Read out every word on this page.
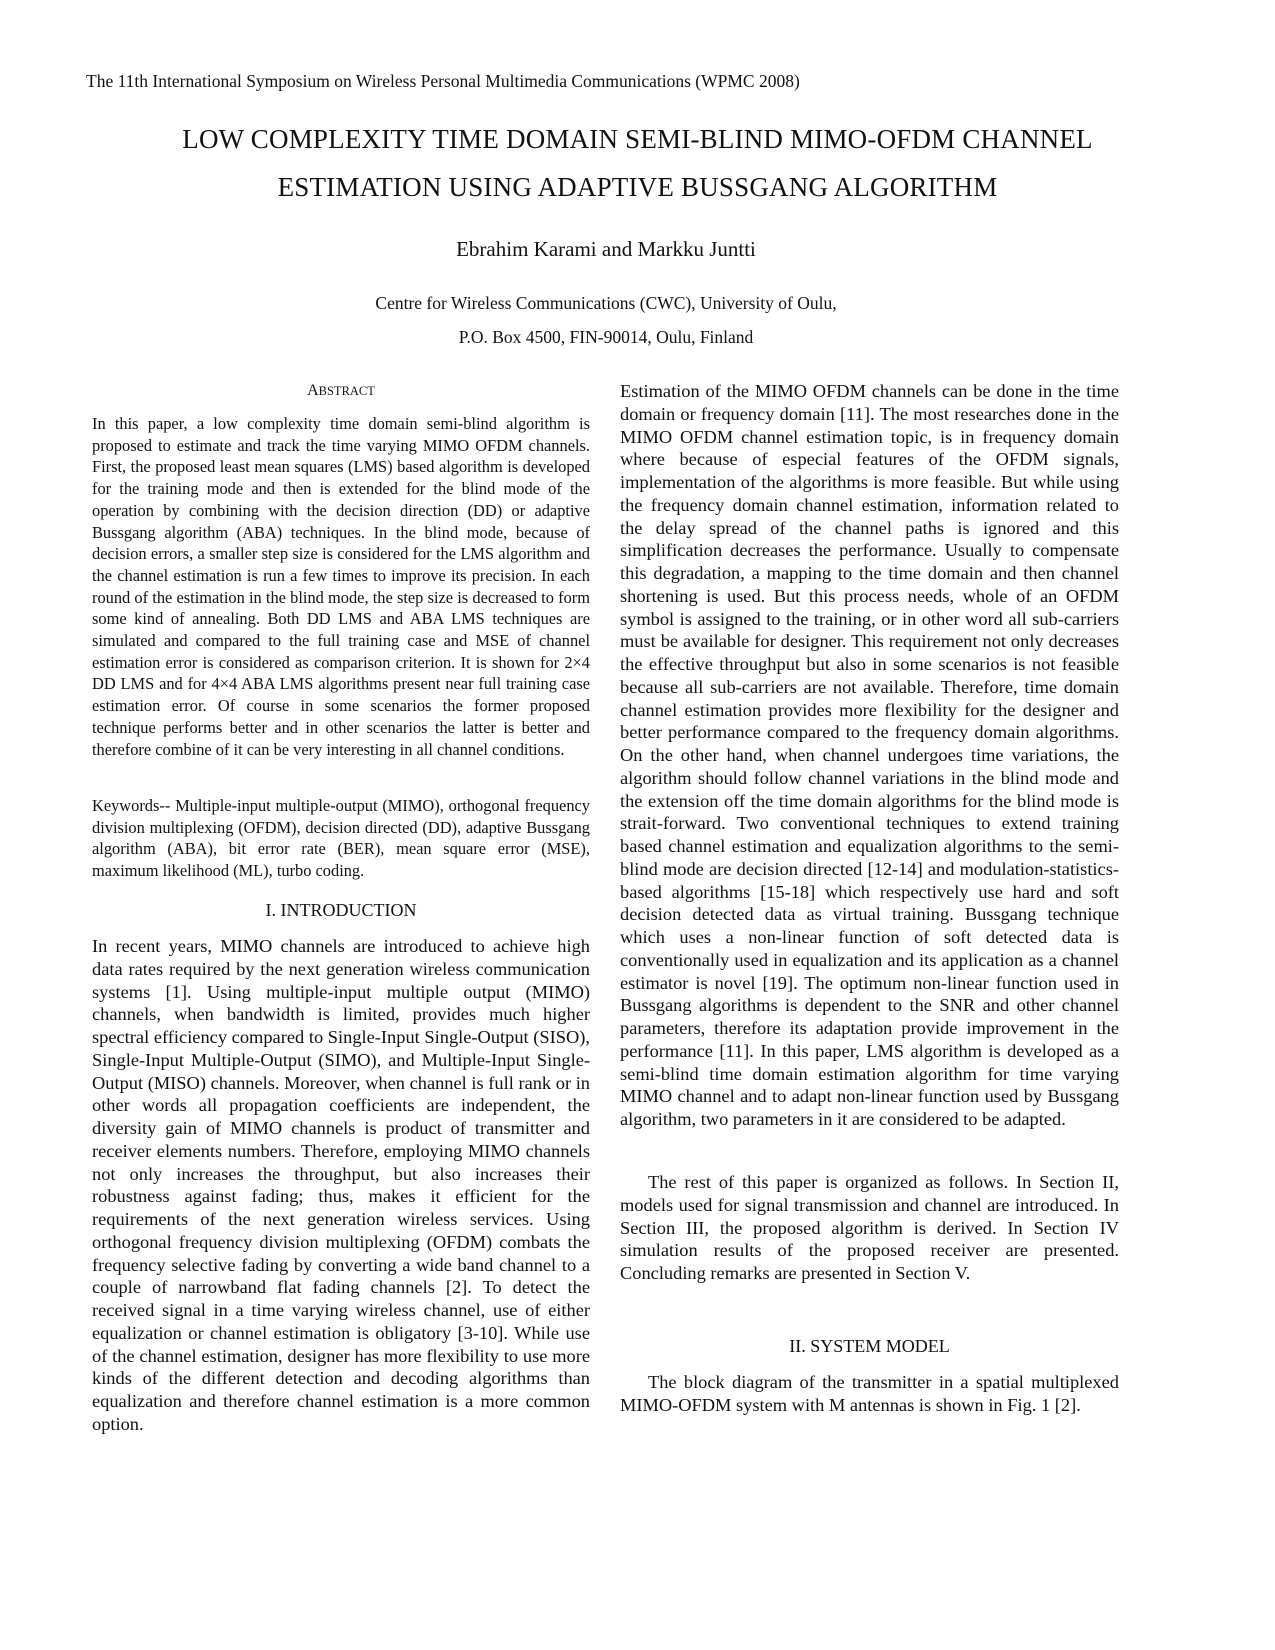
The 11th International Symposium on Wireless Personal Multimedia Communications (WPMC 2008)
LOW COMPLEXITY TIME DOMAIN SEMI-BLIND MIMO-OFDM CHANNEL
ESTIMATION USING ADAPTIVE BUSSGANG ALGORITHM
Ebrahim Karami and Markku Juntti
Centre for Wireless Communications (CWC), University of Oulu,
P.O. Box 4500, FIN-90014, Oulu, Finland
ABSTRACT

In this paper, a low complexity time domain semi-blind algorithm is proposed to estimate and track the time varying MIMO OFDM channels. First, the proposed least mean squares (LMS) based algorithm is developed for the training mode and then is extended for the blind mode of the operation by combining with the decision direction (DD) or adaptive Bussgang algorithm (ABA) techniques. In the blind mode, because of decision errors, a smaller step size is considered for the LMS algorithm and the channel estimation is run a few times to improve its precision. In each round of the estimation in the blind mode, the step size is decreased to form some kind of annealing. Both DD LMS and ABA LMS techniques are simulated and compared to the full training case and MSE of channel estimation error is considered as comparison criterion. It is shown for 2×4 DD LMS and for 4×4 ABA LMS algorithms present near full training case estimation error. Of course in some scenarios the former proposed technique performs better and in other scenarios the latter is better and therefore combine of it can be very interesting in all channel conditions.

Keywords-- Multiple-input multiple-output (MIMO), orthogonal frequency division multiplexing (OFDM), decision directed (DD), adaptive Bussgang algorithm (ABA), bit error rate (BER), mean square error (MSE), maximum likelihood (ML), turbo coding.

I. INTRODUCTION

In recent years, MIMO channels are introduced to achieve high data rates required by the next generation wireless communication systems [1]. Using multiple-input multiple output (MIMO) channels, when bandwidth is limited, provides much higher spectral efficiency compared to Single-Input Single-Output (SISO), Single-Input Multiple-Output (SIMO), and Multiple-Input Single-Output (MISO) channels. Moreover, when channel is full rank or in other words all propagation coefficients are independent, the diversity gain of MIMO channels is product of transmitter and receiver elements numbers. Therefore, employing MIMO channels not only increases the throughput, but also increases their robustness against fading; thus, makes it efficient for the requirements of the next generation wireless services. Using orthogonal frequency division multiplexing (OFDM) combats the frequency selective fading by converting a wide band channel to a couple of narrowband flat fading channels [2]. To detect the received signal in a time varying wireless channel, use of either equalization or channel estimation is obligatory [3-10]. While use of the channel estimation, designer has more flexibility to use more kinds of the different detection and decoding algorithms than equalization and therefore channel estimation is a more common option.

Estimation of the MIMO OFDM channels can be done in the time domain or frequency domain [11]. The most researches done in the MIMO OFDM channel estimation topic, is in frequency domain where because of especial features of the OFDM signals, implementation of the algorithms is more feasible. But while using the frequency domain channel estimation, information related to the delay spread of the channel paths is ignored and this simplification decreases the performance. Usually to compensate this degradation, a mapping to the time domain and then channel shortening is used. But this process needs, whole of an OFDM symbol is assigned to the training, or in other word all sub-carriers must be available for designer. This requirement not only decreases the effective throughput but also in some scenarios is not feasible because all sub-carriers are not available. Therefore, time domain channel estimation provides more flexibility for the designer and better performance compared to the frequency domain algorithms. On the other hand, when channel undergoes time variations, the algorithm should follow channel variations in the blind mode and the extension off the time domain algorithms for the blind mode is strait-forward. Two conventional techniques to extend training based channel estimation and equalization algorithms to the semi-blind mode are decision directed [12-14] and modulation-statistics-based algorithms [15-18] which respectively use hard and soft decision detected data as virtual training. Bussgang technique which uses a non-linear function of soft detected data is conventionally used in equalization and its application as a channel estimator is novel [19]. The optimum non-linear function used in Bussgang algorithms is dependent to the SNR and other channel parameters, therefore its adaptation provide improvement in the performance [11]. In this paper, LMS algorithm is developed as a semi-blind time domain estimation algorithm for time varying MIMO channel and to adapt non-linear function used by Bussgang algorithm, two parameters in it are considered to be adapted.

The rest of this paper is organized as follows. In Section II, models used for signal transmission and channel are introduced. In Section III, the proposed algorithm is derived. In Section IV simulation results of the proposed receiver are presented. Concluding remarks are presented in Section V.

II. SYSTEM MODEL

The block diagram of the transmitter in a spatial multiplexed MIMO-OFDM system with M antennas is shown in Fig. 1 [2].
